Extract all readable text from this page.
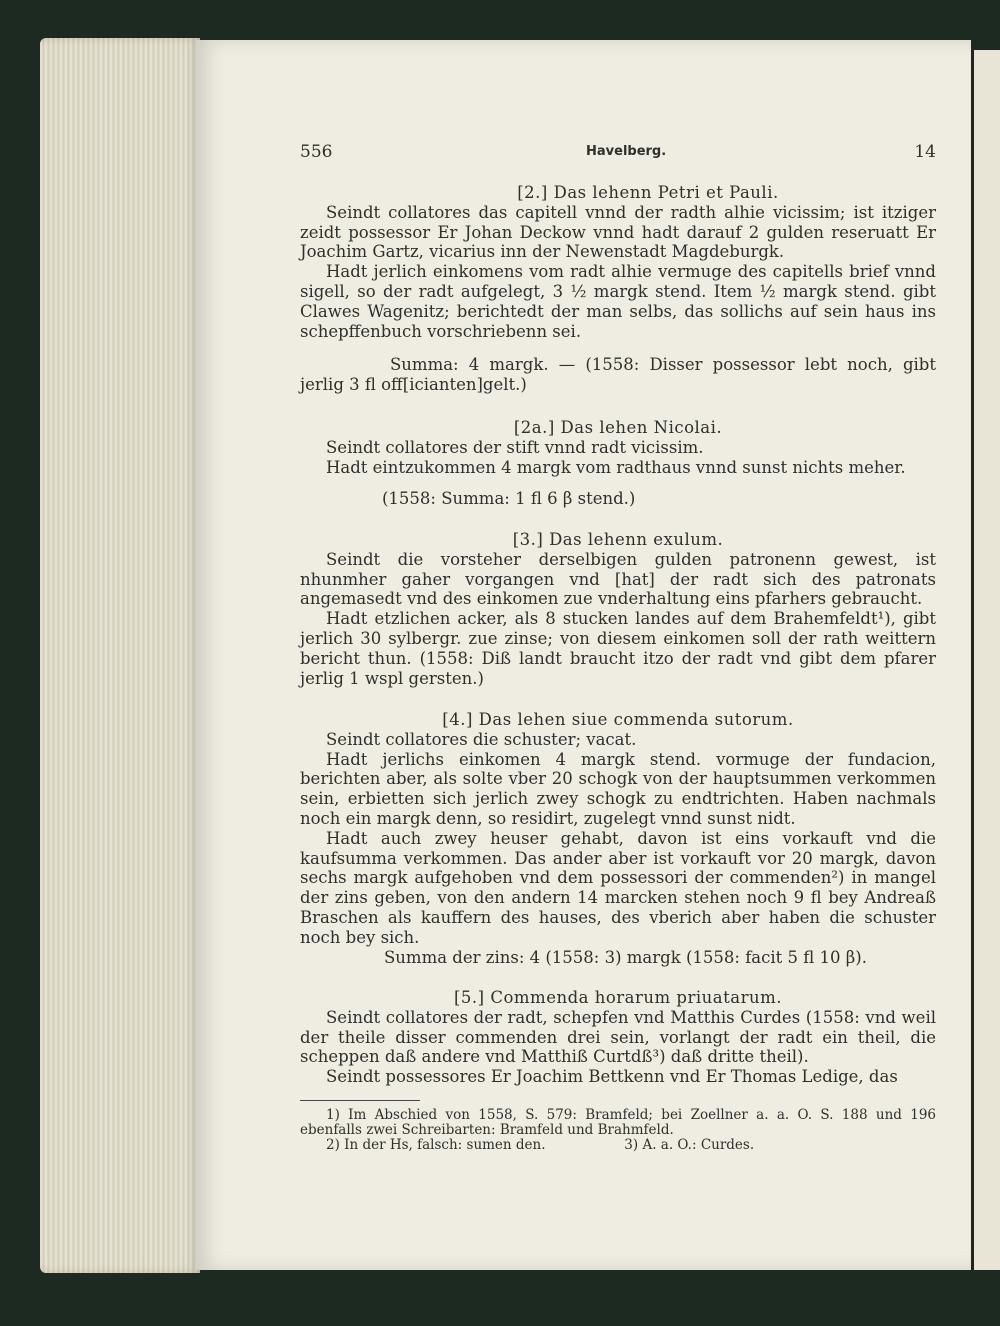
556	Havelberg.	14

[2.] Das lehenn Petri et Pauli.

Seindt collatores das capitell vnnd der radth alhie vicissim; ist itziger zeidt possessor Er Johan Deckow vnnd hadt darauf 2 gulden reseruatt Er Joachim Gartz, vicarius inn der Newenstadt Magdeburgk.

Hadt jerlich einkomens vom radt alhie vermuge des capitells brief vnnd sigell, so der radt aufgelegt, 3 ½ margk stend. Item ½ margk stend. gibt Clawes Wagenitz; berichtedt der man selbs, das sollichs auf sein haus ins schepffenbuch vorschriebenn sei.

Summa: 4 margk. — (1558: Disser possessor lebt noch, gibt jerlig 3 fl off[icianten]gelt.)

[2a.] Das lehen Nicolai.

Seindt collatores der stift vnnd radt vicissim.

Hadt eintzukommen 4 margk vom radthaus vnnd sunst nichts meher.

(1558: Summa: 1 fl 6 β stend.)

[3.] Das lehenn exulum.

Seindt die vorsteher derselbigen gulden patronenn gewest, ist nhunmher gaher vorgangen vnd [hat] der radt sich des patronats angemasedt vnd des einkomen zue vnderhaltung eins pfarhers gebraucht.

Hadt etzlichen acker, als 8 stucken landes auf dem Brahemfeldt¹), gibt jerlich 30 sylbergr. zue zinse; von diesem einkomen soll der rath weittern bericht thun. (1558: Diß landt braucht itzo der radt vnd gibt dem pfarer jerlig 1 wspl gersten.)

[4.] Das lehen siue commenda sutorum.

Seindt collatores die schuster; vacat.

Hadt jerlichs einkomen 4 margk stend. vormuge der fundacion, berichten aber, als solte vber 20 schogk von der hauptsummen verkommen sein, erbietten sich jerlich zwey schogk zu endtrichten. Haben nachmals noch ein margk denn, so residirt, zugelegt vnnd sunst nidt.

Hadt auch zwey heuser gehabt, davon ist eins vorkauft vnd die kaufsumma verkommen. Das ander aber ist vorkauft vor 20 margk, davon sechs margk aufgehoben vnd dem possessori der commenden²) in mangel der zins geben, von den andern 14 marcken stehen noch 9 fl bey Andreaß Braschen als kauffern des hauses, des vberich aber haben die schuster noch bey sich.

Summa der zins: 4 (1558: 3) margk (1558: facit 5 fl 10 β).

[5.] Commenda horarum priuatarum.

Seindt collatores der radt, schepfen vnd Matthis Curdes (1558: vnd weil der theile disser commenden drei sein, vorlangt der radt ein theil, die scheppen daß andere vnd Matthiß Curtdß³) daß dritte theil).

Seindt possessores Er Joachim Bettkenn vnd Er Thomas Ledige, das

1) Im Abschied von 1558, S. 579: Bramfeld; bei Zoellner a. a. O. S. 188 und 196 ebenfalls zwei Schreibarten: Bramfeld und Brahmfeld.

2) In der Hs, falsch: sumen den.

	3) A. a. O.: Curdes.
